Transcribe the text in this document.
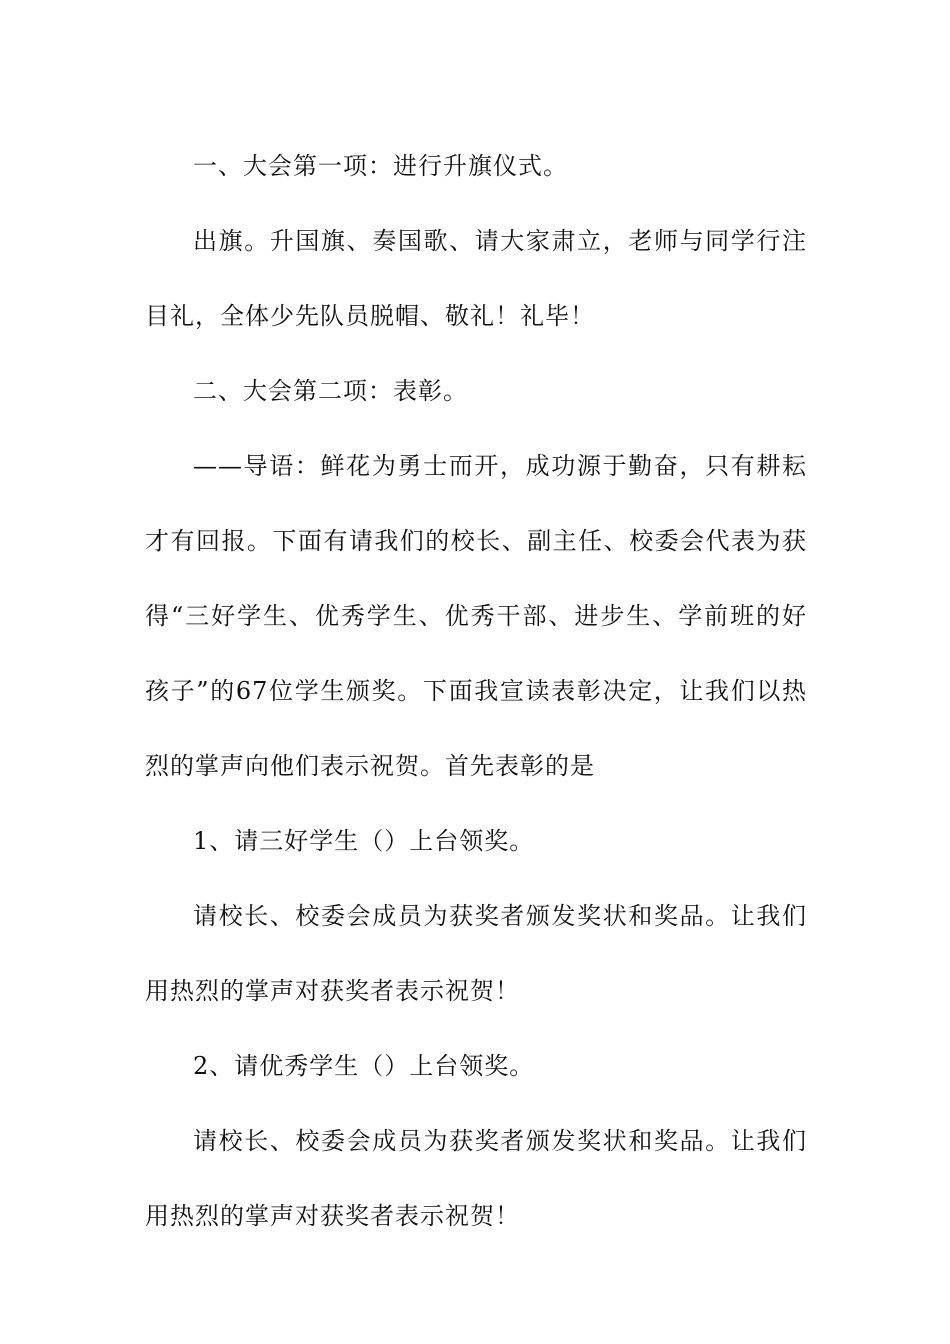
一、大会第一项：进行升旗仪式。

出旗。升国旗、奏国歌、请大家肃立，老师与同学行注目礼，全体少先队员脱帽、敬礼！礼毕！

二、大会第二项：表彰。

——导语：鲜花为勇士而开，成功源于勤奋，只有耕耘才有回报。下面有请我们的校长、副主任、校委会代表为获得“三好学生、优秀学生、优秀干部、进步生、学前班的好孩子”的67位学生颁奖。下面我宣读表彰决定，让我们以热烈的掌声向他们表示祝贺。首先表彰的是

1、请三好学生（）上台领奖。

请校长、校委会成员为获奖者颁发奖状和奖品。让我们用热烈的掌声对获奖者表示祝贺！

2、请优秀学生（）上台领奖。

请校长、校委会成员为获奖者颁发奖状和奖品。让我们用热烈的掌声对获奖者表示祝贺！
